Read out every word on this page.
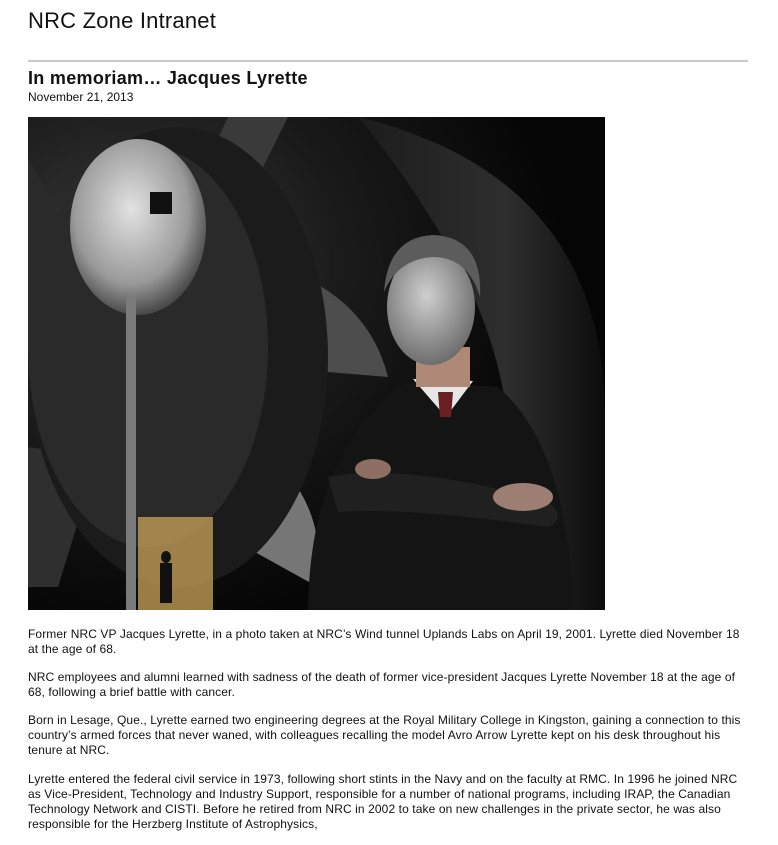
NRC Zone Intranet
In memoriam… Jacques Lyrette
November 21, 2013

Former NRC VP Jacques Lyrette, in a photo taken at NRC’s Wind tunnel Uplands Labs on April 19, 2001. Lyrette died November 18 at the age of 68.

NRC employees and alumni learned with sadness of the death of former vice-president Jacques Lyrette November 18 at the age of 68, following a brief battle with cancer.

Born in Lesage, Que., Lyrette earned two engineering degrees at the Royal Military College in Kingston, gaining a connection to this country’s armed forces that never waned, with colleagues recalling the model Avro Arrow Lyrette kept on his desk throughout his tenure at NRC.

Lyrette entered the federal civil service in 1973, following short stints in the Navy and on the faculty at RMC. In 1996 he joined NRC as Vice-President, Technology and Industry Support, responsible for a number of national programs, including IRAP, the Canadian Technology Network and CISTI. Before he retired from NRC in 2002 to take on new challenges in the private sector, he was also responsible for the Herzberg Institute of Astrophysics,
